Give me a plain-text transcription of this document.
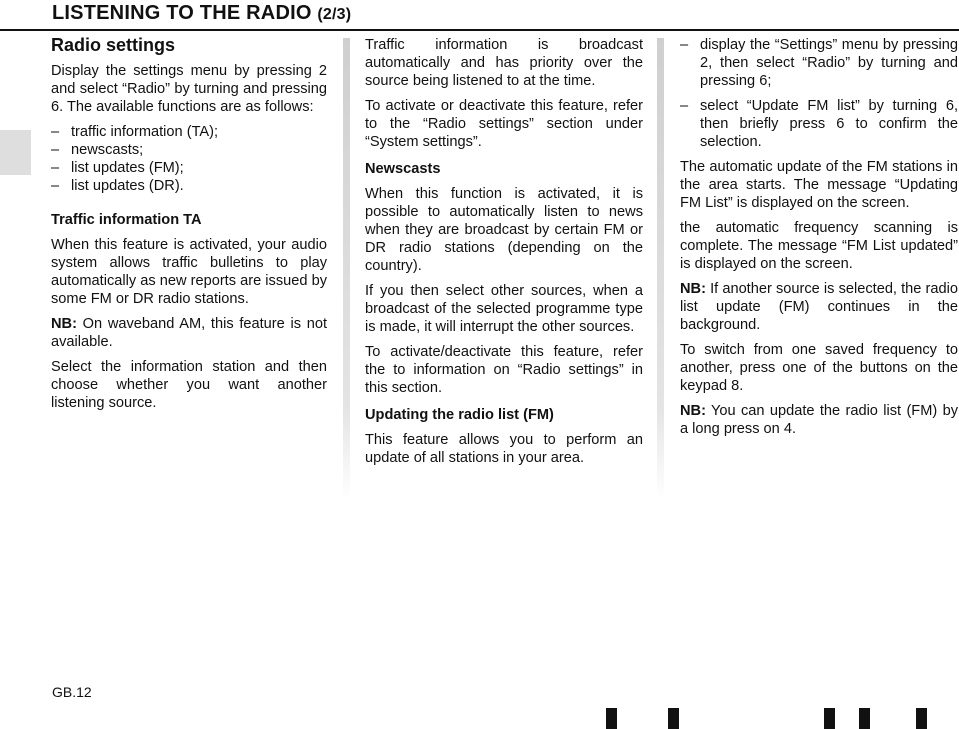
LISTENING TO THE RADIO (2/3)
Radio settings

Display the settings menu by pressing 2 and select “Radio” by turning and pressing 6. The available functions are as follows:

– traffic information (TA);
– newscasts;
– list updates (FM);
– list updates (DR).
Traffic information TA

When this feature is activated, your audio system allows traffic bulletins to play automatically as new reports are issued by some FM or DR radio stations.

NB: On waveband AM, this feature is not available.

Select the information station and then choose whether you want another listening source.

Traffic information is broadcast automatically and has priority over the source being listened to at the time.

To activate or deactivate this feature, refer to the “Radio settings” section under “System settings”.

Newscasts

When this function is activated, it is possible to automatically listen to news when they are broadcast by certain FM or DR radio stations (depending on the country).

If you then select other sources, when a broadcast of the selected programme type is made, it will interrupt the other sources.

To activate/deactivate this feature, refer the to information on “Radio settings” in this section.

Updating the radio list (FM)

This feature allows you to perform an update of all stations in your area.

– display the “Settings” menu by pressing 2, then select “Radio” by turning and pressing 6;
– select “Update FM list” by turning 6, then briefly press 6 to confirm the selection.

The automatic update of the FM stations in the area starts. The message “Updating FM List” is displayed on the screen.

the automatic frequency scanning is complete. The message “FM List updated” is displayed on the screen.

NB: If another source is selected, the radio list update (FM) continues in the background.

To switch from one saved frequency to another, press one of the buttons on the keypad 8.

NB: You can update the radio list (FM) by a long press on 4.

GB.12
